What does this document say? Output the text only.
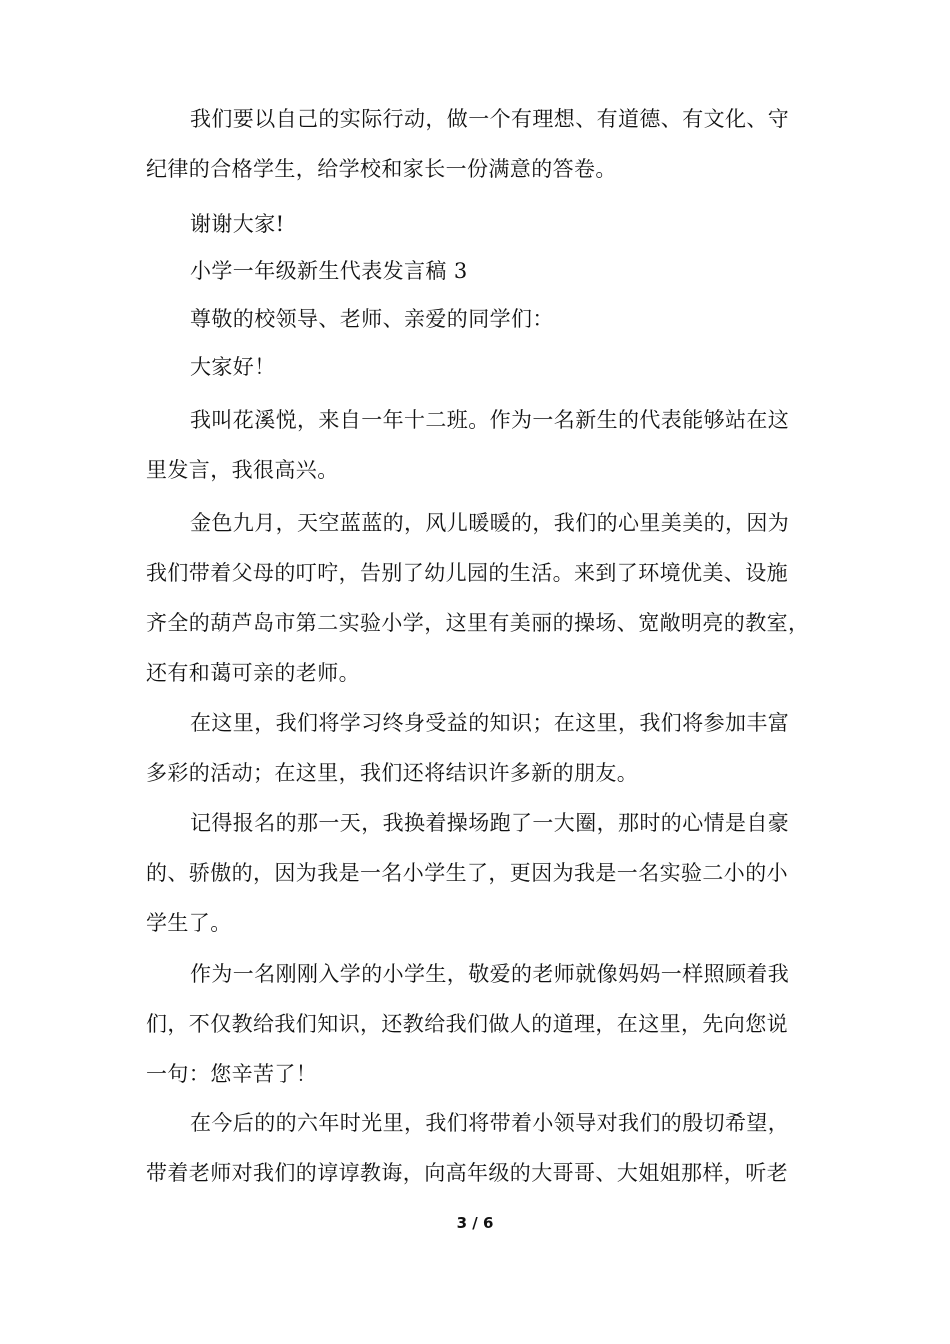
我们要以自己的实际行动，做一个有理想、有道德、有文化、守
纪律的合格学生，给学校和家长一份满意的答卷。
谢谢大家!
小学一年级新生代表发言稿 3
尊敬的校领导、老师、亲爱的同学们：
大家好！
我叫花溪悦，来自一年十二班。作为一名新生的代表能够站在这
里发言，我很高兴。
金色九月，天空蓝蓝的，风儿暖暖的，我们的心里美美的，因为
我们带着父母的叮咛，告别了幼儿园的生活。来到了环境优美、设施
齐全的葫芦岛市第二实验小学，这里有美丽的操场、宽敞明亮的教室，
还有和蔼可亲的老师。
在这里，我们将学习终身受益的知识；在这里，我们将参加丰富
多彩的活动；在这里，我们还将结识许多新的朋友。
记得报名的那一天，我换着操场跑了一大圈，那时的心情是自豪
的、骄傲的，因为我是一名小学生了，更因为我是一名实验二小的小
学生了。
作为一名刚刚入学的小学生，敬爱的老师就像妈妈一样照顾着我
们，不仅教给我们知识，还教给我们做人的道理，在这里，先向您说
一句：您辛苦了！
在今后的的六年时光里，我们将带着小领导对我们的殷切希望，
带着老师对我们的谆谆教诲，向高年级的大哥哥、大姐姐那样，听老
3 / 6
